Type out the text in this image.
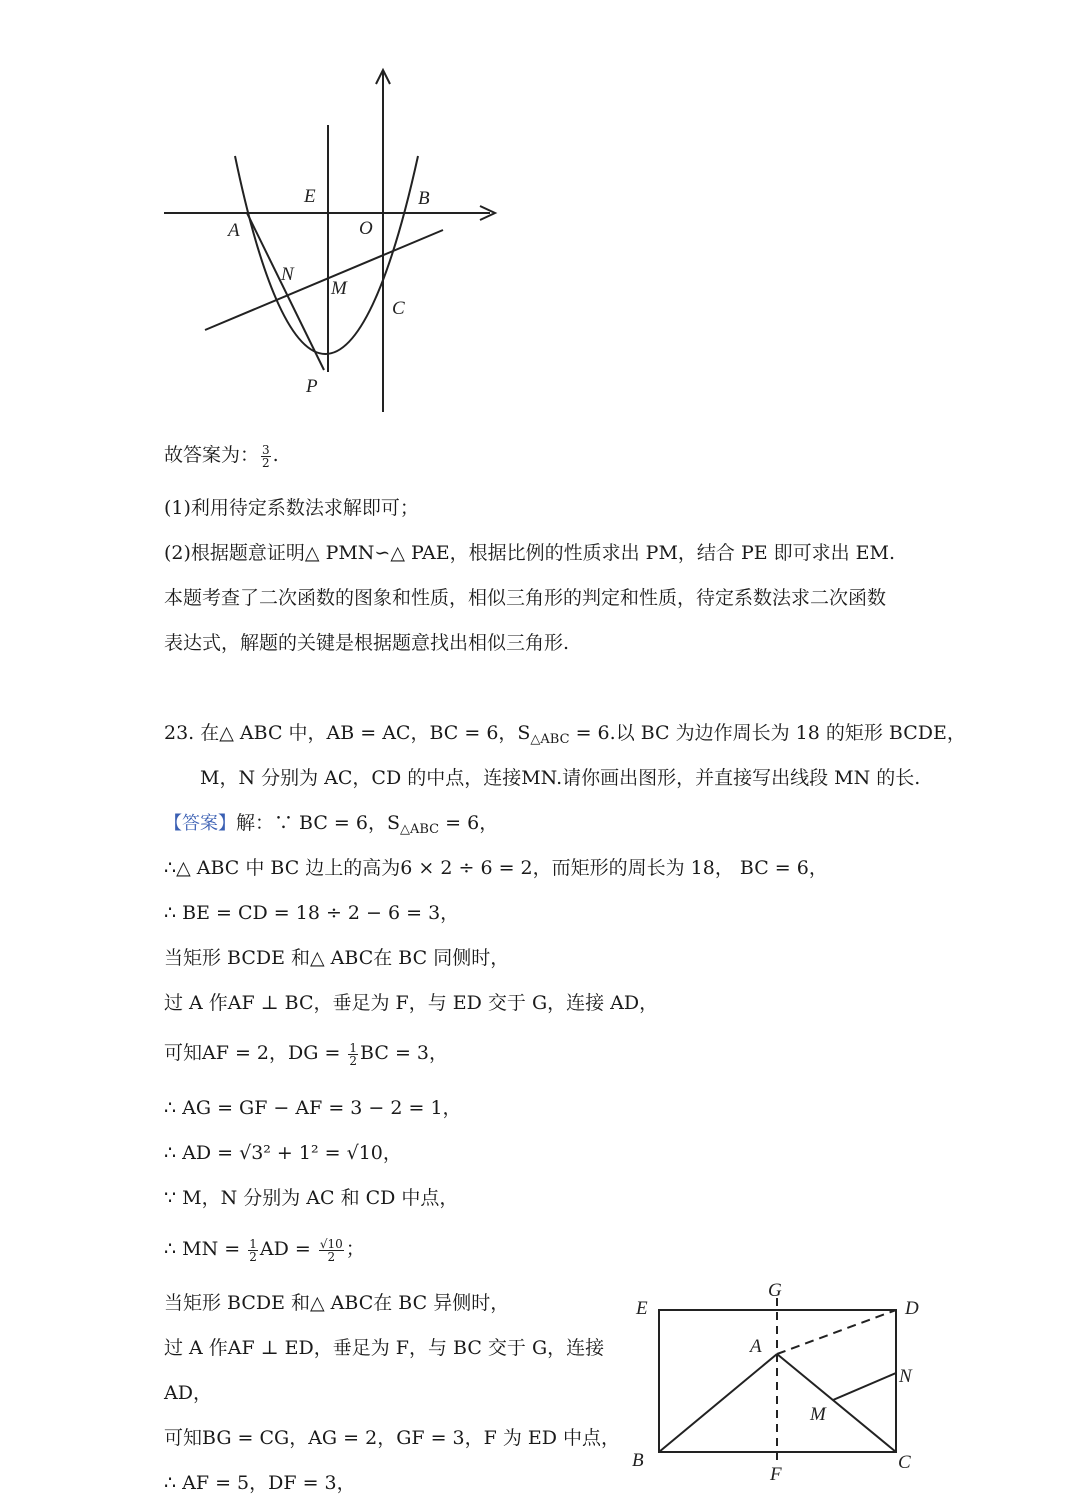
E	B
A	O
N
M
C
P
故答案为： $\frac{3}{2}$ .
(1)利用待定系数法求解即可；
(2)根据题意证明△ PMN∽△ PAE，根据比例的性质求出 PM，结合 PE 即可求出 EM.
本题考查了二次函数的图象和性质，相似三角形的判定和性质，待定系数法求二次函数
表达式，解题的关键是根据题意找出相似三角形.
23. 在△ ABC 中，AB = AC，BC = 6，$S_{\triangle ABC} = 6$.以 BC 为边作周长为 18 的矩形 BCDE，
M，N 分别为 AC，CD 的中点，连接MN.请你画出图形，并直接写出线段 MN 的长.
【答案】解：∵ BC = 6，$S_{\triangle ABC} = 6$，
∴△ ABC 中 BC 边上的高为6 × 2 ÷ 6 = 2，而矩形的周长为 18， BC = 6，
∴ BE = CD = 18 ÷ 2 − 6 = 3，
当矩形 BCDE 和△ ABC在 BC 同侧时，
过 A 作AF ⊥ BC，垂足为 F，与 ED 交于 G，连接 AD，
可知AF = 2，DG = $\frac{1}{2}$ BC = 3，
∴ AG = GF − AF = 3 − 2 = 1，
∴ AD = √3² + 1² = √10，
∵ M，N 分别为 AC 和 CD 中点，
∴ MN = $\frac{1}{2}$ AD = $\frac{√10}{2}$ ；
当矩形 BCDE 和△ ABC在 BC 异侧时，
过 A 作AF ⊥ ED，垂足为 F，与 BC 交于 G，连接
AD，
可知BG = CG，AG = 2，GF = 3，F 为 ED 中点，
∴ AF = 5，DF = 3，
G
E	D
A
N
M
B
F
C
